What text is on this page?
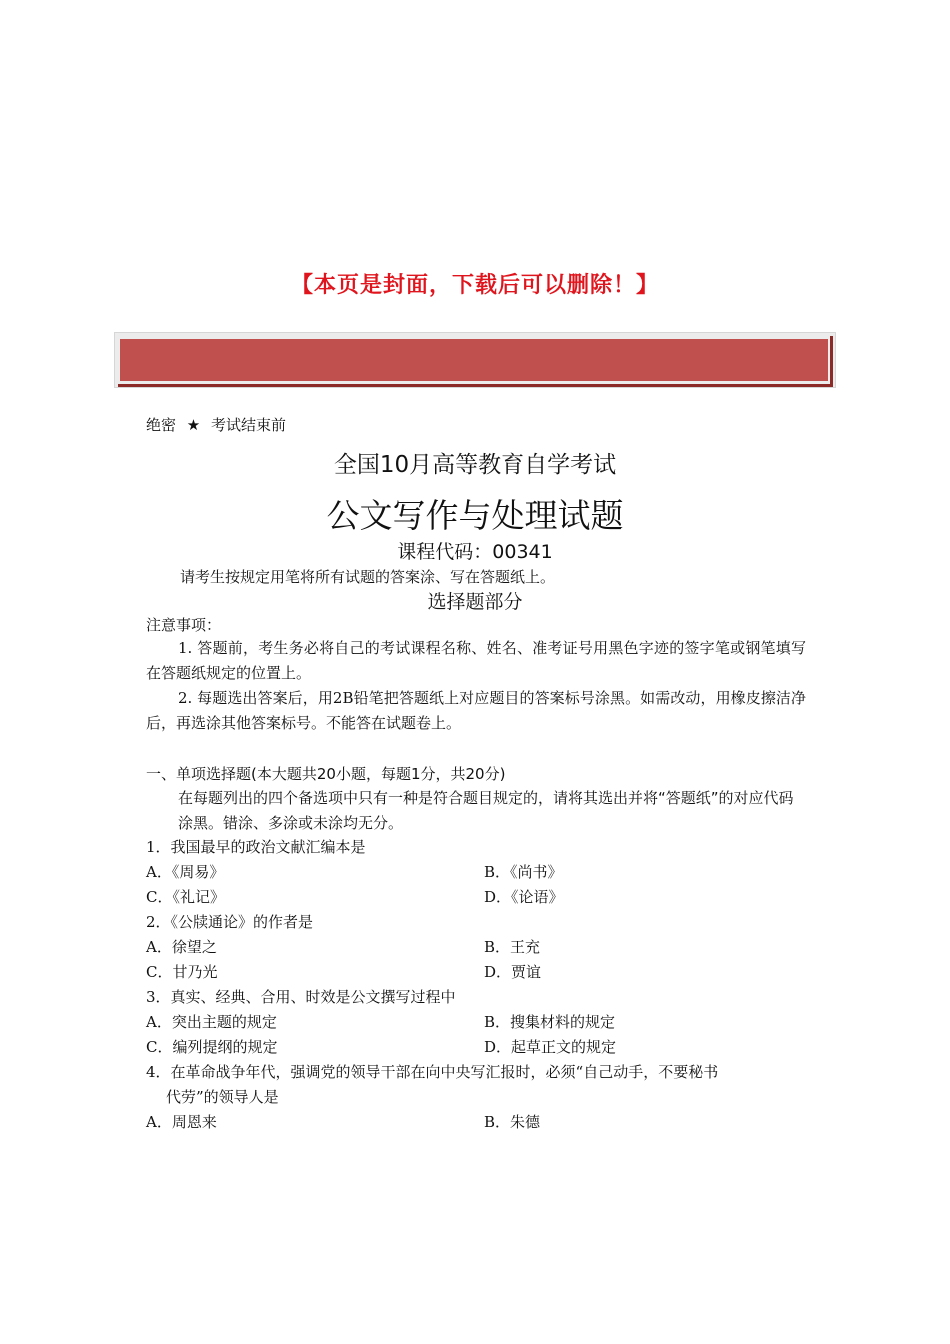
【本页是封面，下载后可以删除！】
绝密 ★ 考试结束前
全国10月高等教育自学考试
公文写作与处理试题
课程代码：00341
请考生按规定用笔将所有试题的答案涂、写在答题纸上。
选择题部分
注意事项：
1. 答题前，考生务必将自己的考试课程名称、姓名、准考证号用黑色字迹的签字笔或钢笔填写在答题纸规定的位置上。
2. 每题选出答案后，用2B铅笔把答题纸上对应题目的答案标号涂黑。如需改动，用橡皮擦洁净后，再选涂其他答案标号。不能答在试题卷上。
一、单项选择题(本大题共20小题，每题1分，共20分)
在每题列出的四个备选项中只有一种是符合题目规定的，请将其选出并将“答题纸”的对应代码涂黑。错涂、多涂或未涂均无分。
1．我国最早的政治文献汇编本是
A．《周易》	B．《尚书》
C．《礼记》	D．《论语》
2．《公牍通论》的作者是
A．徐望之	B．王充
C．甘乃光	D．贾谊
3．真实、经典、合用、时效是公文撰写过程中
A．突出主题的规定	B．搜集材料的规定
C．编列提纲的规定	D．起草正文的规定
4．在革命战争年代，强调党的领导干部在向中央写汇报时，必须“自己动手，不要秘书
代劳”的领导人是
A．周恩来	B．朱德
